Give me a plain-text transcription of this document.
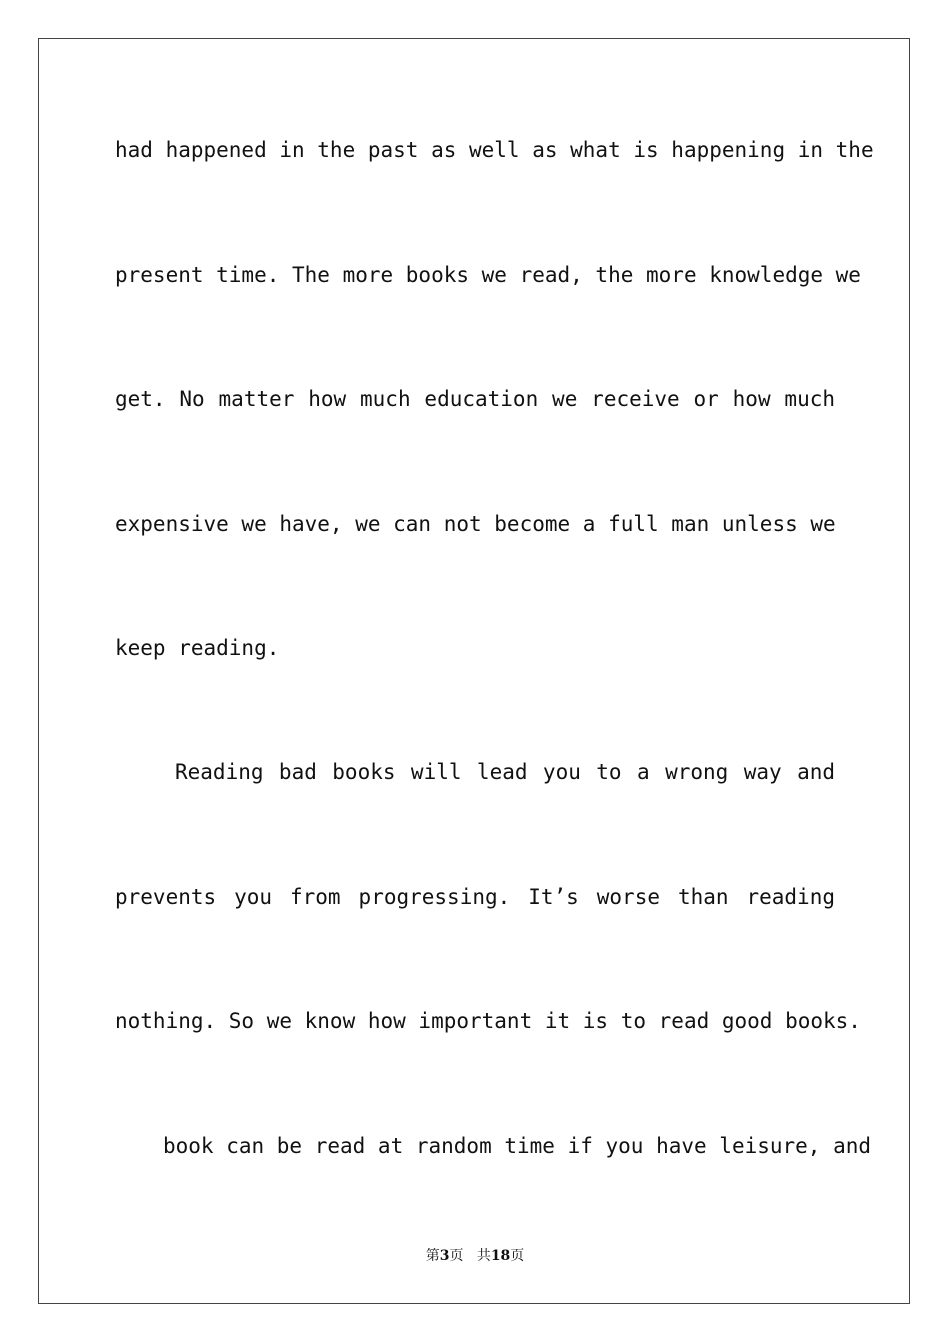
had happened in the past as well as what is happening in the
present time. The more books we read, the more knowledge we
get. No matter how much education we receive or how much
expensive we have, we can not become a full man unless we
keep reading.
Reading bad books will lead you to a wrong way and
prevents you from progressing. It’s worse than reading
nothing. So we know how important it is to read good books.
book can be read at random time if you have leisure, and
第3页 共18页
